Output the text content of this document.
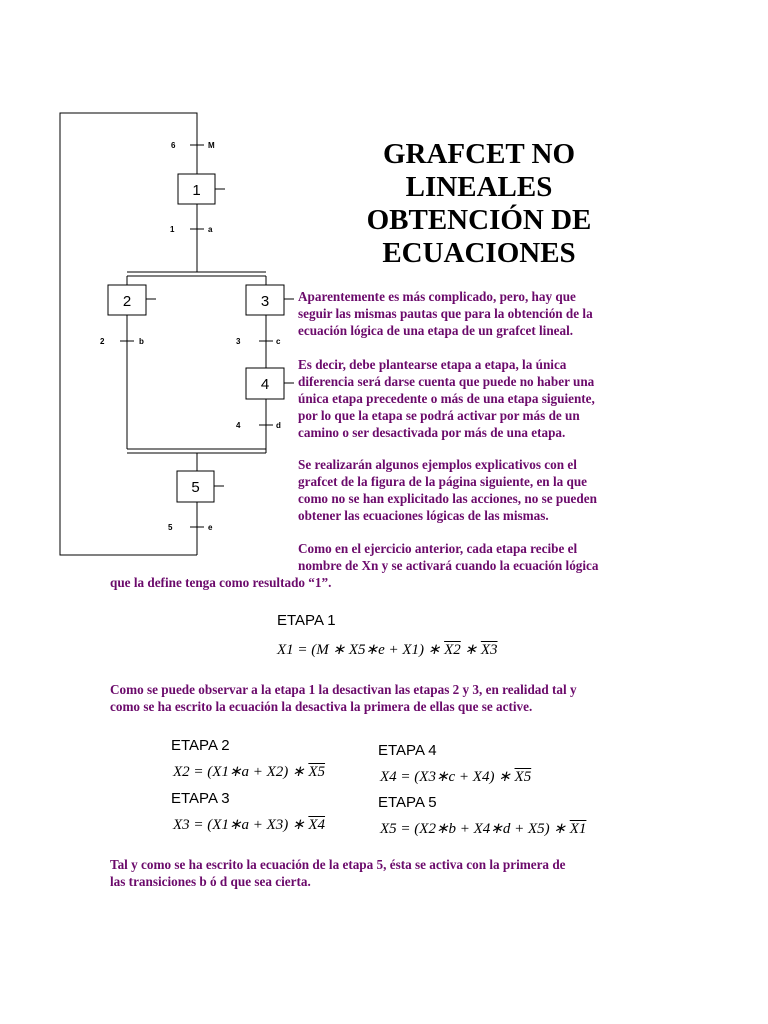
1
2	3
4
5
6	M
1	a
2	b	3	c
4	d
5	e
GRAFCET NO
LINEALES
OBTENCIÓN DE
ECUACIONES
Aparentemente es más complicado, pero, hay que
seguir las mismas pautas que para la obtención de la
ecuación lógica de una etapa de un grafcet lineal.
Es decir, debe plantearse etapa a etapa, la única
diferencia será darse cuenta que puede no haber una
única etapa precedente o más de una etapa siguiente,
por lo que la etapa se podrá activar por más de un
camino o ser desactivada por más de una etapa.
Se realizarán algunos ejemplos explicativos con el
grafcet de la figura de la página siguiente, en la que
como no se han explicitado las acciones, no se pueden
obtener las ecuaciones lógicas de las mismas.
Como en el ejercicio anterior, cada etapa recibe el
nombre de Xn y se activará cuando la ecuación lógica
que la define tenga como resultado “1”.
ETAPA 1
X1 = (M ∗ X5∗e + X1) ∗ X2 ∗ X3
Como se puede observar a la etapa 1 la desactivan las etapas 2 y 3, en realidad tal y
como se ha escrito la ecuación la desactiva la primera de ellas que se active.
ETAPA 2
X2 = (X1∗a + X2) ∗ X5
ETAPA 3
X3 = (X1∗a + X3) ∗ X4
ETAPA 4
X4 = (X3∗c + X4) ∗ X5
ETAPA 5
X5 = (X2∗b + X4∗d + X5) ∗ X1
Tal y como se ha escrito la ecuación de la etapa 5, ésta se activa con la primera de
las transiciones b ó d que sea cierta.
